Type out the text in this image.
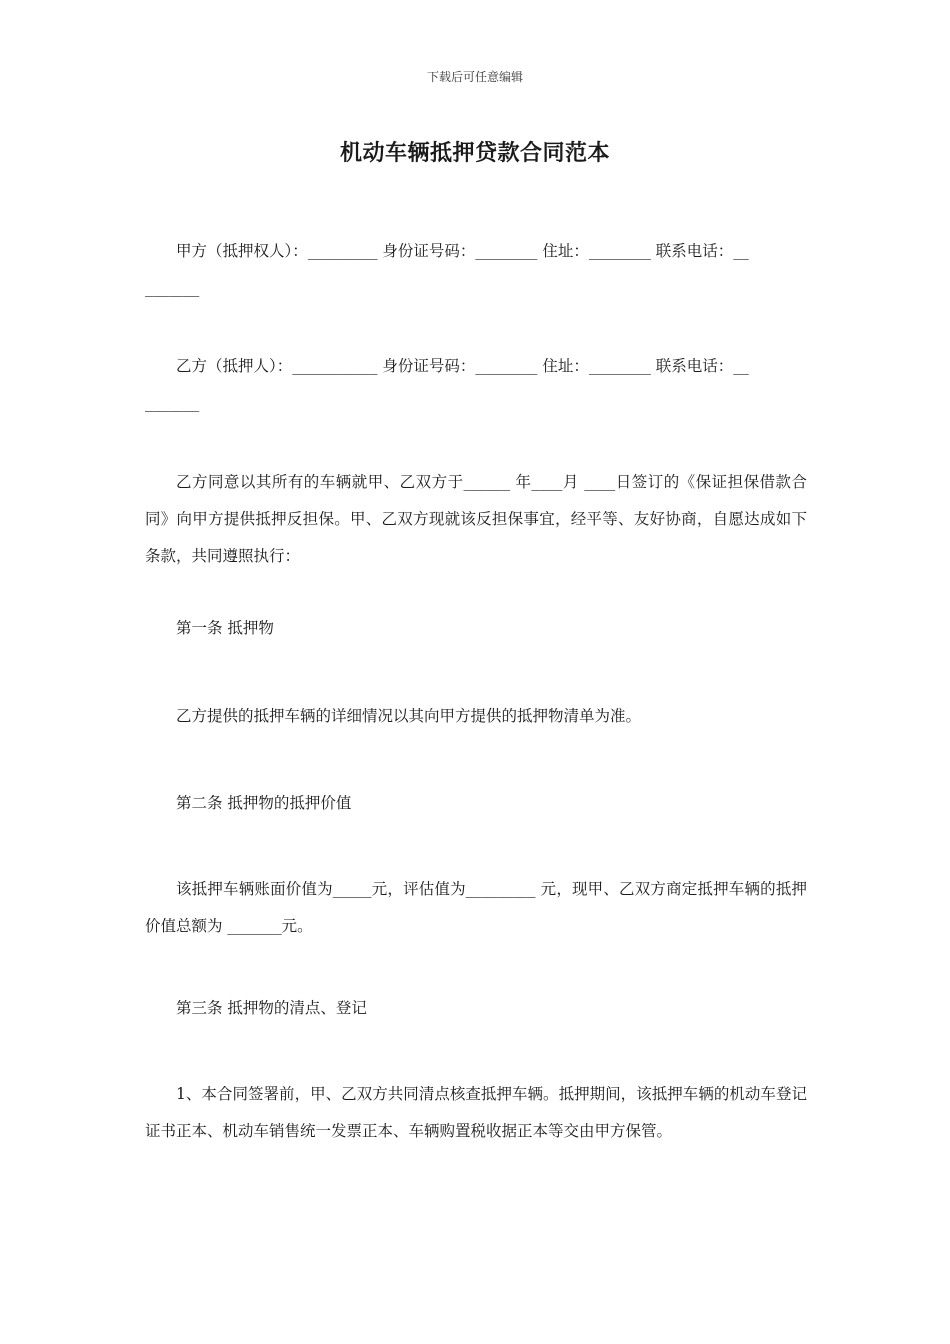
下载后可任意编辑
机动车辆抵押贷款合同范本
甲方（抵押权人）：_________ 身份证号码：________ 住址：________ 联系电话：__
_______
乙方（抵押人）：___________ 身份证号码：________ 住址：________ 联系电话：__
_______
乙方同意以其所有的车辆就甲、乙双方于______ 年____月 ____日签订的《保证担保借款合同》向甲方提供抵押反担保。甲、乙双方现就该反担保事宜，经平等、友好协商，自愿达成如下条款，共同遵照执行：
第一条 抵押物
乙方提供的抵押车辆的详细情况以其向甲方提供的抵押物清单为准。
第二条 抵押物的抵押价值
该抵押车辆账面价值为_____元，评估值为_________ 元，现甲、乙双方商定抵押车辆的抵押价值总额为 _______元。
第三条 抵押物的清点、登记
1、本合同签署前，甲、乙双方共同清点核查抵押车辆。抵押期间，该抵押车辆的机动车登记证书正本、机动车销售统一发票正本、车辆购置税收据正本等交由甲方保管。
